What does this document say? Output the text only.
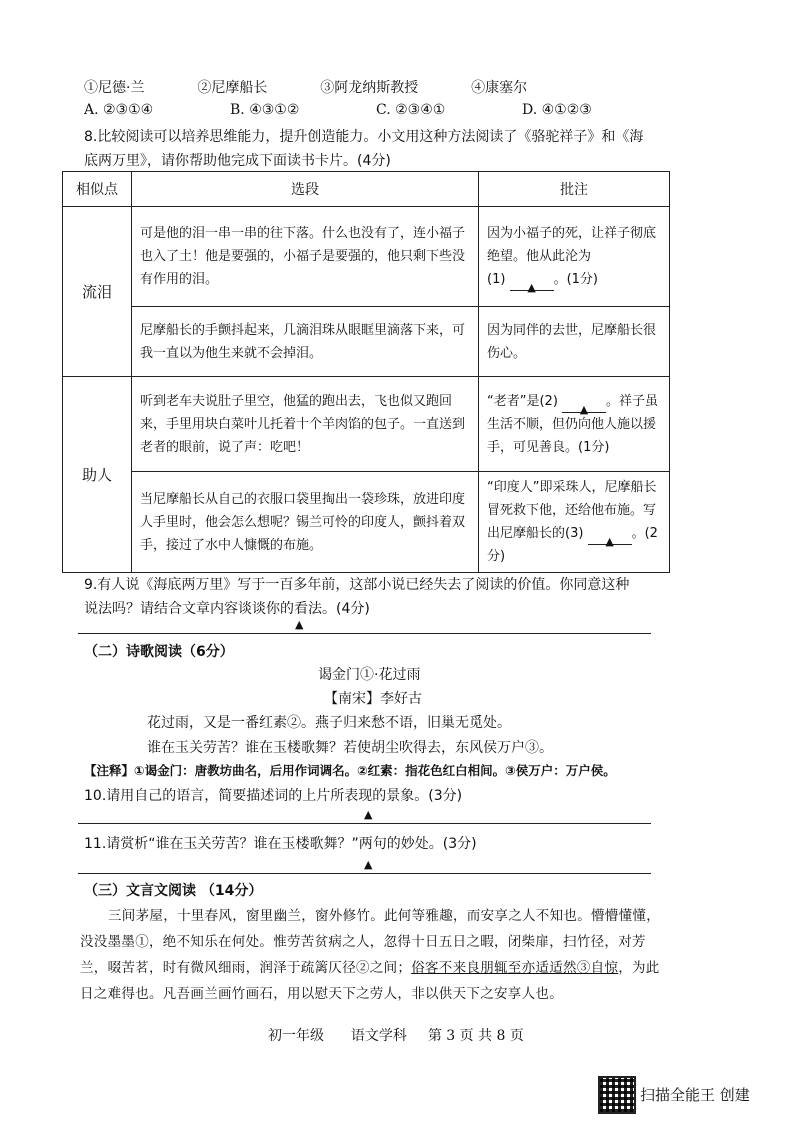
①尼德·兰	②尼摩船长	③阿龙纳斯教授	④康塞尔
A. ②③①④	B. ④③①②	C. ②③④①	D. ④①②③
8.比较阅读可以培养思维能力，提升创造能力。小文用这种方法阅读了《骆驼祥子》和《海
底两万里》，请你帮助他完成下面读书卡片。(4分)
相似点	选段	批注
流泪	可是他的泪一串一串的往下落。什么也没有了，连小福子也入了土！他是要强的，小福子是要强的，他只剩下些没有作用的泪。	因为小福子的死，让祥子彻底绝望。他从此沦为
(1) ▲。(1分)
	尼摩船长的手颤抖起来，几滴泪珠从眼眶里滴落下来，可我一直以为他生来就不会掉泪。	因为同伴的去世，尼摩船长很伤心。
助人	听到老车夫说肚子里空，他猛的跑出去，飞也似又跑回来，手里用块白菜叶儿托着十个羊肉馅的包子。一直送到老者的眼前，说了声：吃吧！	“老者”是(2) ▲。祥子虽生活不顺，但仍向他人施以援手，可见善良。(1分)
	当尼摩船长从自己的衣服口袋里掏出一袋珍珠，放进印度人手里时，他会怎么想呢？锡兰可怜的印度人，颤抖着双手，接过了水中人慷慨的布施。	“印度人”即采珠人，尼摩船长冒死救下他，还给他布施。写出尼摩船长的(3) ▲。(2分)
9.有人说《海底两万里》写于一百多年前，这部小说已经失去了阅读的价值。你同意这种
说法吗？请结合文章内容谈谈你的看法。(4分)
▲
（二）诗歌阅读（6分）
谒金门①·花过雨
【南宋】李好古
花过雨，又是一番红素②。燕子归来愁不语，旧巢无觅处。
谁在玉关劳苦？谁在玉楼歌舞？若使胡尘吹得去，东风侯万户③。
【注释】①谒金门：唐教坊曲名，后用作词调名。②红素：指花色红白相间。③侯万户：万户侯。
10.请用自己的语言，简要描述词的上片所表现的景象。(3分)
▲
11.请赏析“谁在玉关劳苦？谁在玉楼歌舞？”两句的妙处。(3分)
▲
（三）文言文阅读 （14分）
三间茅屋，十里春风，窗里幽兰，窗外修竹。此何等雅趣，而安享之人不知也。懵懵懂懂，没没墨墨①，绝不知乐在何处。惟劳苦贫病之人，忽得十日五日之暇，闭柴扉，扫竹径，对芳兰，啜苦茗，时有微风细雨，润泽于疏篱仄径②之间；俗客不来良朋辄至亦适适然③自惊，为此日之难得也。凡吾画兰画竹画石，用以慰天下之劳人，非以供天下之安享人也。
初一年级 语文学科 第 3 页 共 8 页
扫描全能王 创建
